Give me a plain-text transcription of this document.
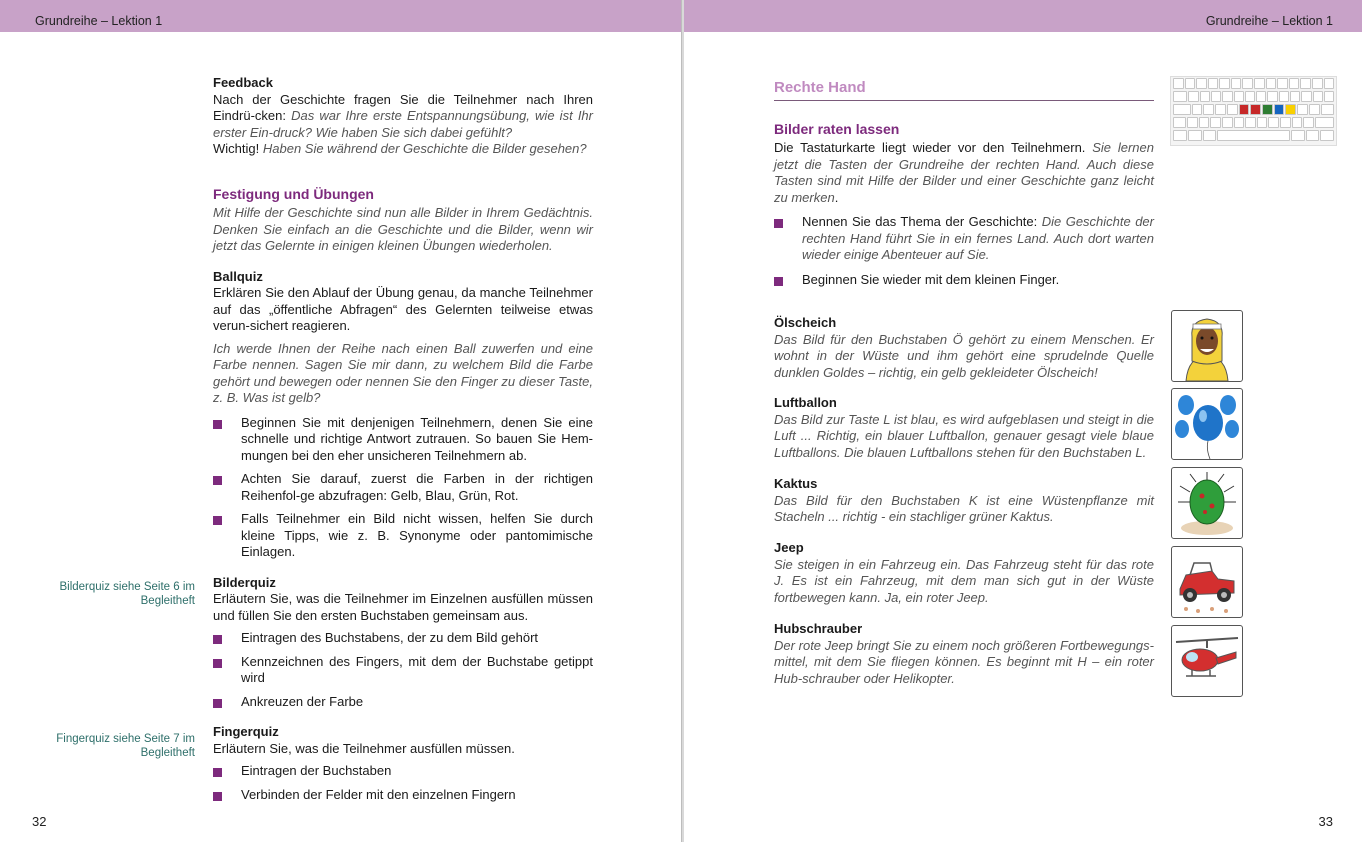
Grundreihe – Lektion 1
Bilderquiz siehe Seite 6 im Begleitheft
Fingerquiz siehe Seite 7 im Begleitheft

Feedback

Nach der Geschichte fragen Sie die Teilnehmer nach Ihren Eindrü-cken: Das war Ihre erste Entspannungsübung, wie ist Ihr erster Ein-druck? Wie haben Sie sich dabei gefühlt?

Wichtig! Haben Sie während der Geschichte die Bilder gesehen?

Festigung und Übungen

Mit Hilfe der Geschichte sind nun alle Bilder in Ihrem Gedächtnis. Denken Sie einfach an die Geschichte und die Bilder, wenn wir jetzt das Gelernte in einigen kleinen Übungen wiederholen.

Ballquiz

Erklären Sie den Ablauf der Übung genau, da manche Teilnehmer auf das „öffentliche Abfragen“ des Gelernten teilweise etwas verun-sichert reagieren.

Ich werde Ihnen der Reihe nach einen Ball zuwerfen und eine Farbe nennen. Sagen Sie mir dann, zu welchem Bild die Farbe gehört und bewegen oder nennen Sie den Finger zu dieser Taste, z. B. Was ist gelb?

Beginnen Sie mit denjenigen Teilnehmern, denen Sie eine schnelle und richtige Antwort zutrauen. So bauen Sie Hem-mungen bei den eher unsicheren Teilnehmern ab.
Achten Sie darauf, zuerst die Farben in der richtigen Reihenfol-ge abzufragen: Gelb, Blau, Grün, Rot.
Falls Teilnehmer ein Bild nicht wissen, helfen Sie durch kleine Tipps, wie z. B. Synonyme oder pantomimische Einlagen.

Bilderquiz

Erläutern Sie, was die Teilnehmer im Einzelnen ausfüllen müssen und füllen Sie den ersten Buchstaben gemeinsam aus.

Eintragen des Buchstabens, der zu dem Bild gehört
Kennzeichnen des Fingers, mit dem der Buchstabe getippt wird
Ankreuzen der Farbe

Fingerquiz

Erläutern Sie, was die Teilnehmer ausfüllen müssen.

Eintragen der Buchstaben
Verbinden der Felder mit den einzelnen Fingern
32
Grundreihe – Lektion 1

Rechte Hand

Bilder raten lassen

Die Tastaturkarte liegt wieder vor den Teilnehmern. Sie lernen jetzt die Tasten der Grundreihe der rechten Hand. Auch diese Tasten sind mit Hilfe der Bilder und einer Geschichte ganz leicht zu merken.

Nennen Sie das Thema der Geschichte: Die Geschichte der rechten Hand führt Sie in ein fernes Land. Auch dort warten wieder einige Abenteuer auf Sie.
Beginnen Sie wieder mit dem kleinen Finger.

Ölscheich

Das Bild für den Buchstaben Ö gehört zu einem Menschen. Er wohnt in der Wüste und ihm gehört eine sprudelnde Quelle dunklen Goldes – richtig, ein gelb gekleideter Ölscheich!

Luftballon

Das Bild zur Taste L ist blau, es wird aufgeblasen und steigt in die Luft ... Richtig, ein blauer Luftballon, genauer gesagt viele blaue Luftballons. Die blauen Luftballons stehen für den Buchstaben L.

Kaktus

Das Bild für den Buchstaben K ist eine Wüstenpflanze mit Stacheln ... richtig - ein stachliger grüner Kaktus.

Jeep

Sie steigen in ein Fahrzeug ein. Das Fahrzeug steht für das rote J. Es ist ein Fahrzeug, mit dem man sich gut in der Wüste fortbewegen kann. Ja, ein roter Jeep.

Hubschrauber

Der rote Jeep bringt Sie zu einem noch größeren Fortbewegungs-mittel, mit dem Sie fliegen können. Es beginnt mit H – ein roter Hub-schrauber oder Helikopter.

33
